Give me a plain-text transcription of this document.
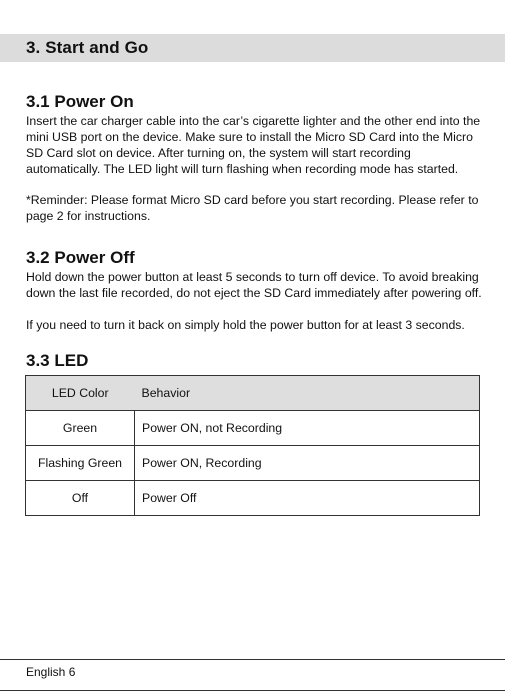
3. Start and Go
3.1 Power On

Insert the car charger cable into the car’s cigarette lighter and the other end into the mini USB port on the device. Make sure to install the Micro SD Card into the Micro SD Card slot on device. After turning on, the system will start recording automatically. The LED light will turn flashing when recording mode has started.

*Reminder: Please format Micro SD card before you start recording. Please refer to page 2 for instructions.

3.2 Power Off

Hold down the power button at least 5 seconds to turn off device. To avoid breaking down the last file recorded, do not eject the SD Card immediately after powering off.

If you need to turn it back on simply hold the power button for at least 3 seconds.

3.3 LED
LED Color	Behavior
Green	Power ON, not Recording
Flashing Green	Power ON, Recording
Off	Power Off
English 6
